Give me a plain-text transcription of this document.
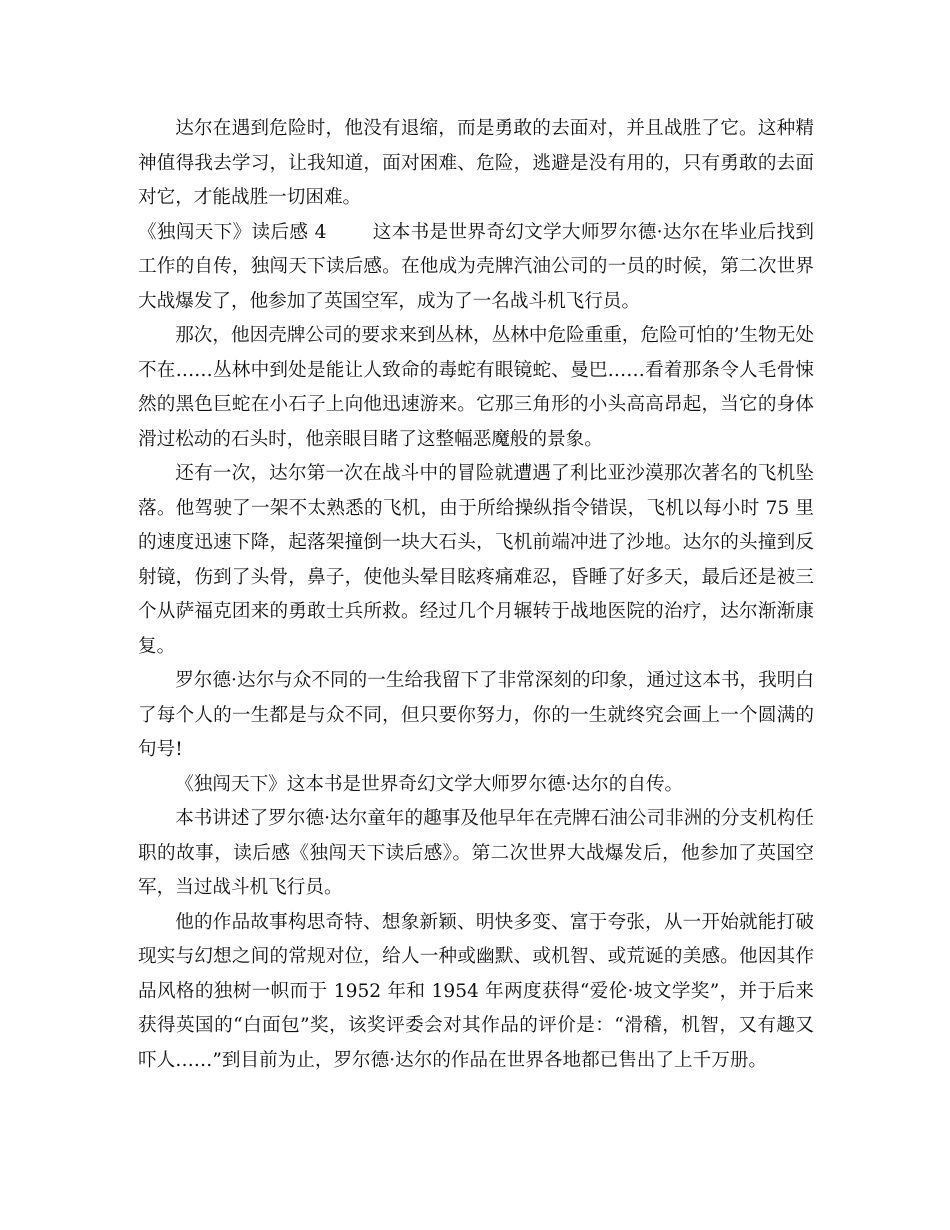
达尔在遇到危险时，他没有退缩，而是勇敢的去面对，并且战胜了它。这种精神值得我去学习，让我知道，面对困难、危险，逃避是没有用的，只有勇敢的去面对它，才能战胜一切困难。

《独闯天下》读后感 4 这本书是世界奇幻文学大师罗尔德·达尔在毕业后找到工作的自传，独闯天下读后感。在他成为壳牌汽油公司的一员的时候，第二次世界大战爆发了，他参加了英国空军，成为了一名战斗机飞行员。

那次，他因壳牌公司的要求来到丛林，丛林中危险重重，危险可怕的’生物无处不在……丛林中到处是能让人致命的毒蛇有眼镜蛇、曼巴……看着那条令人毛骨悚然的黑色巨蛇在小石子上向他迅速游来。它那三角形的小头高高昂起，当它的身体滑过松动的石头时，他亲眼目睹了这整幅恶魔般的景象。

还有一次，达尔第一次在战斗中的冒险就遭遇了利比亚沙漠那次著名的飞机坠落。他驾驶了一架不太熟悉的飞机，由于所给操纵指令错误，飞机以每小时 75 里的速度迅速下降，起落架撞倒一块大石头，飞机前端冲进了沙地。达尔的头撞到反射镜，伤到了头骨，鼻子，使他头晕目眩疼痛难忍，昏睡了好多天，最后还是被三个从萨福克团来的勇敢士兵所救。经过几个月辗转于战地医院的治疗，达尔渐渐康复。

罗尔德·达尔与众不同的一生给我留下了非常深刻的印象，通过这本书，我明白了每个人的一生都是与众不同，但只要你努力，你的一生就终究会画上一个圆满的句号!

《独闯天下》这本书是世界奇幻文学大师罗尔德·达尔的自传。

本书讲述了罗尔德·达尔童年的趣事及他早年在壳牌石油公司非洲的分支机构任职的故事，读后感《独闯天下读后感》。第二次世界大战爆发后，他参加了英国空军，当过战斗机飞行员。

他的作品故事构思奇特、想象新颖、明快多变、富于夸张，从一开始就能打破现实与幻想之间的常规对位，给人一种或幽默、或机智、或荒诞的美感。他因其作品风格的独树一帜而于 1952 年和 1954 年两度获得“爱伦·坡文学奖”，并于后来获得英国的“白面包”奖，该奖评委会对其作品的评价是：“滑稽，机智，又有趣又吓人……”到目前为止，罗尔德·达尔的作品在世界各地都已售出了上千万册。
